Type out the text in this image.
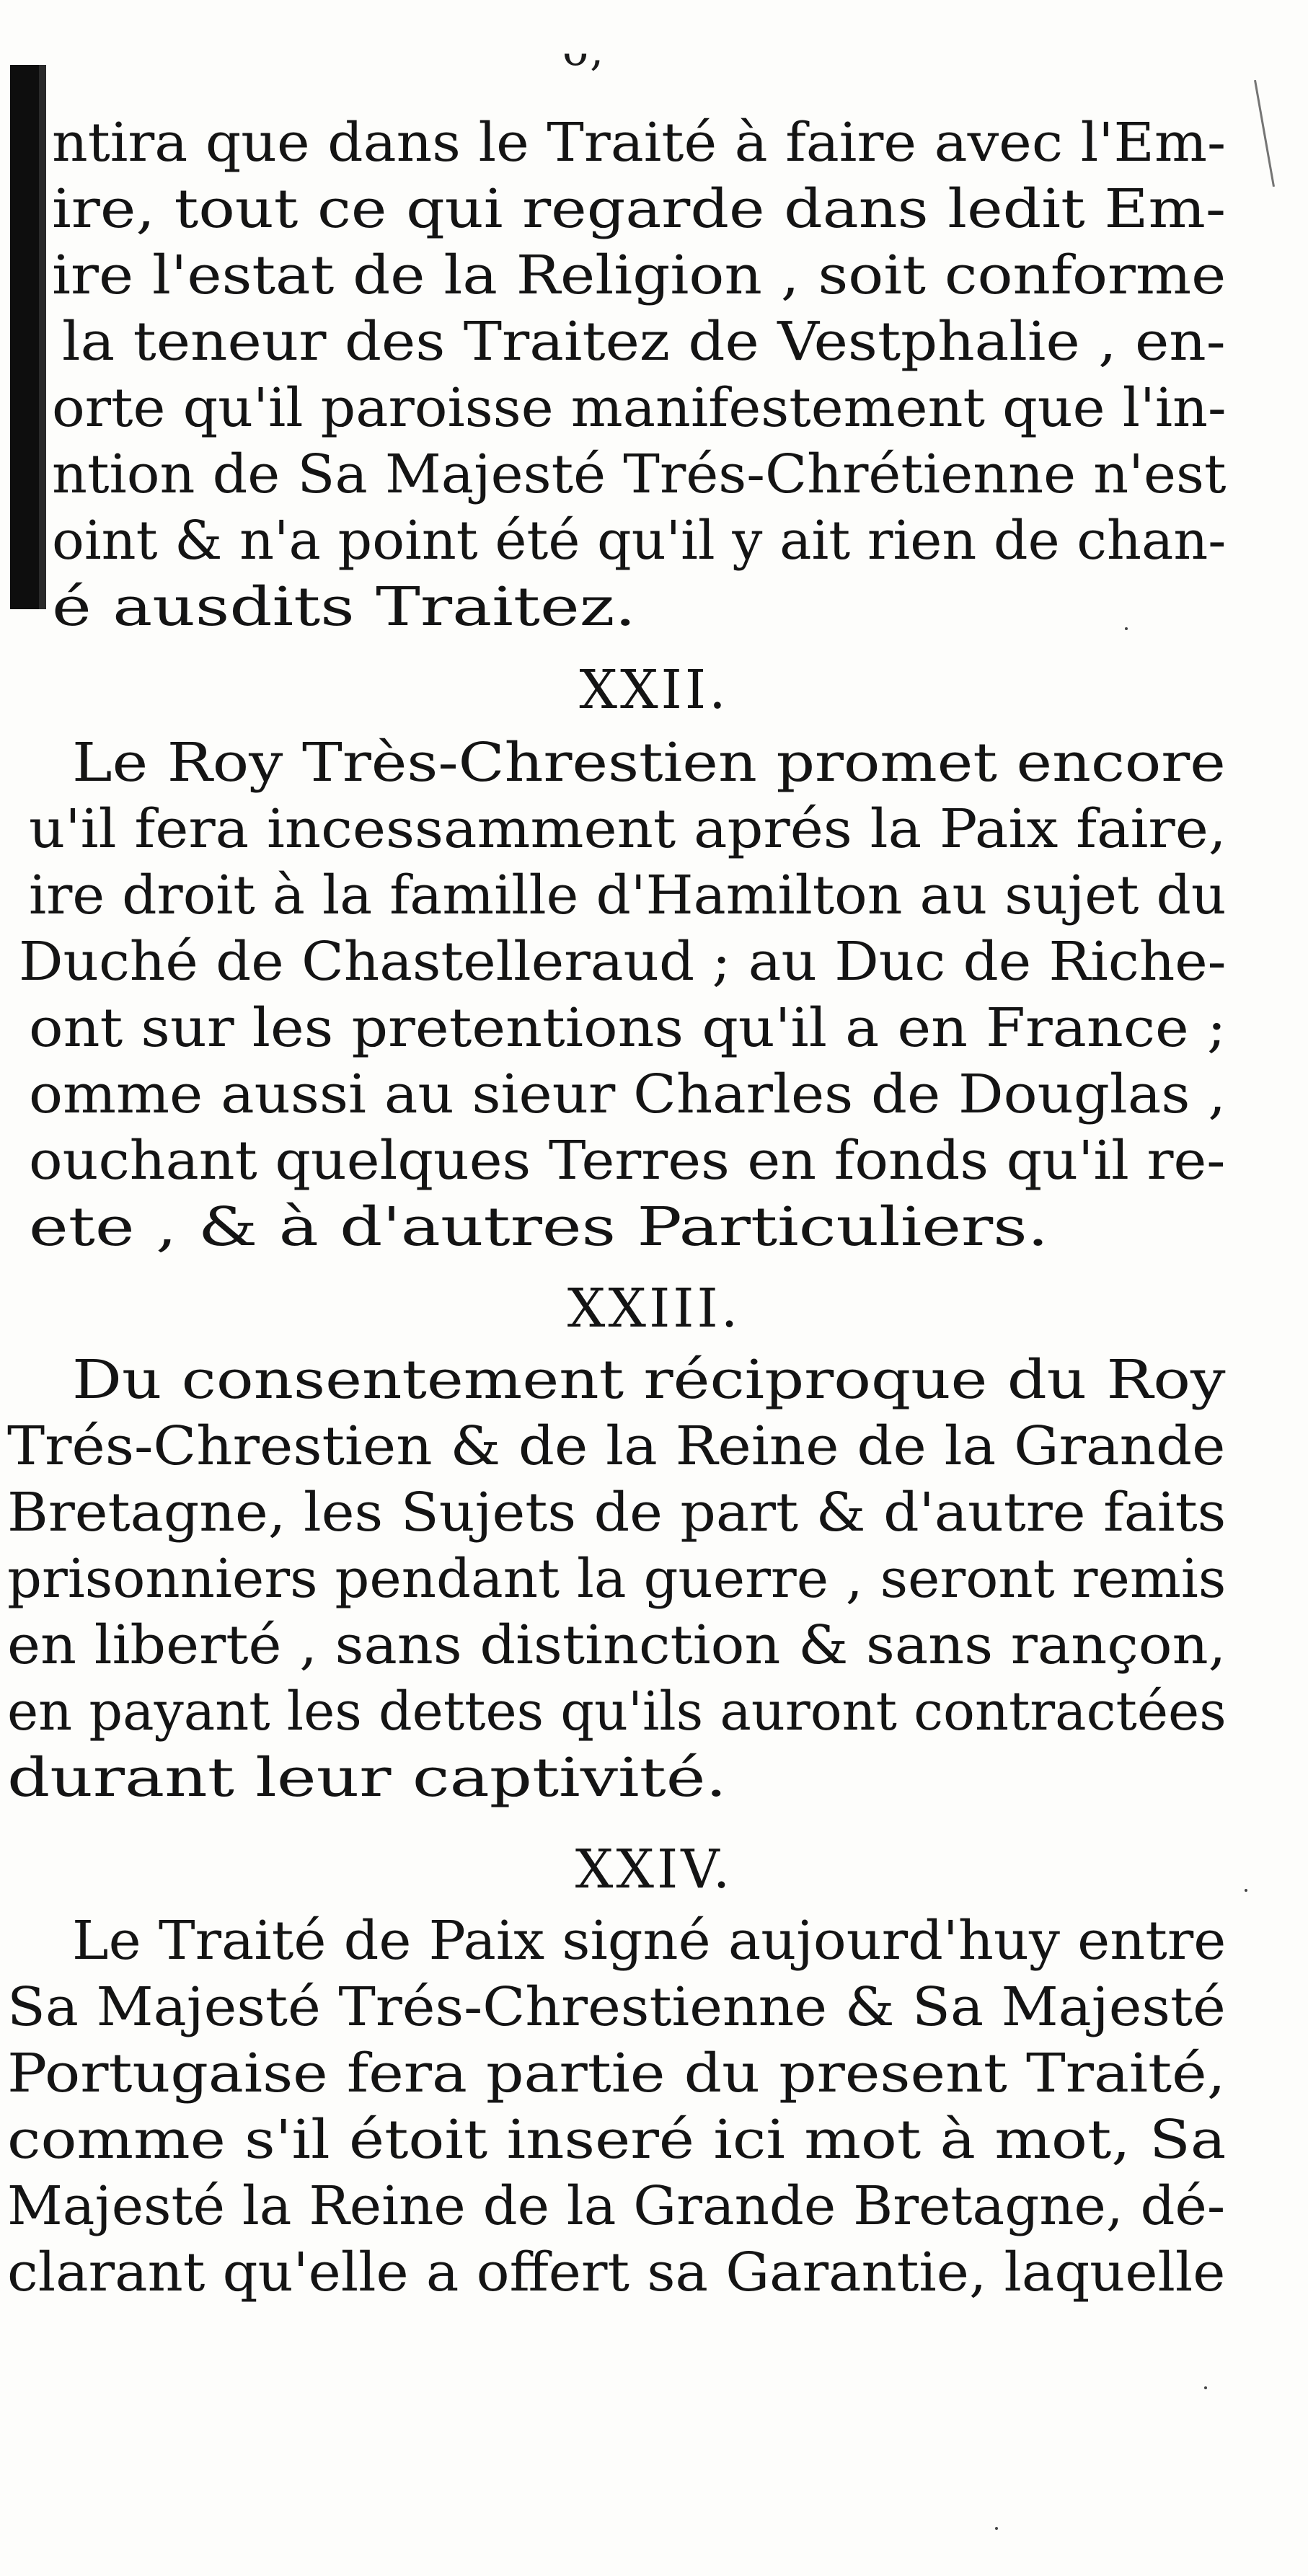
ᴗ,
ntira que dans le Traité à faire avec l'Em-
ire, tout ce qui regarde dans ledit Em-
ire l'estat de la Religion , soit conforme
la teneur des Traitez de Vestphalie , en-
orte qu'il paroisse manifestement que l'in-
ntion de Sa Majesté Trés-Chrétienne n'est
oint & n'a point été qu'il y ait rien de chan-
é ausdits Traitez.
XXII.
Le Roy Très-Chrestien promet encore
u'il fera incessamment aprés la Paix faire,
ire droit à la famille d'Hamilton au sujet du
Duché de Chastelleraud ; au Duc de Riche-
ont sur les pretentions qu'il a en France ;
omme aussi au sieur Charles de Douglas ,
ouchant quelques Terres en fonds qu'il re-
ete , & à d'autres Particuliers.
XXIII.
Du consentement réciproque du Roy
Trés-Chrestien & de la Reine de la Grande
Bretagne, les Sujets de part & d'autre faits
prisonniers pendant la guerre , seront remis
en liberté , sans distinction & sans rançon,
en payant les dettes qu'ils auront contractées
durant leur captivité.
XXIV.
Le Traité de Paix signé aujourd'huy entre
Sa Majesté Trés-Chrestienne & Sa Majesté
Portugaise fera partie du present Traité,
comme s'il étoit inseré ici mot à mot, Sa
Majesté la Reine de la Grande Bretagne, dé-
clarant qu'elle a offert sa Garantie, laquelle
